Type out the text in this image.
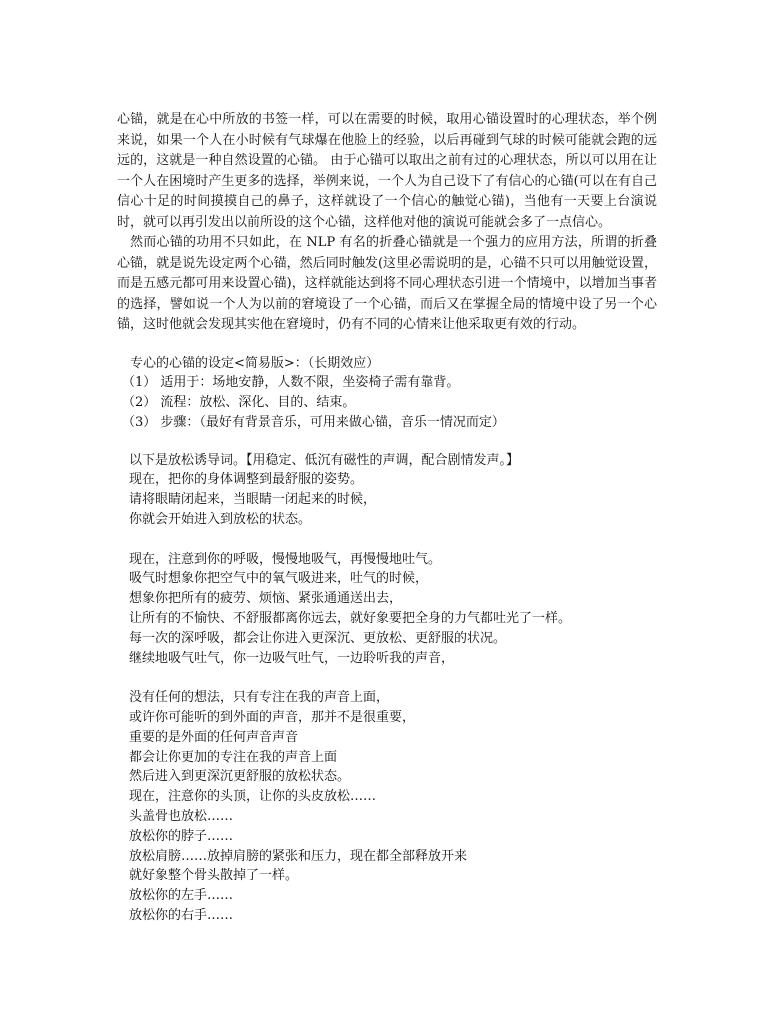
心锚，就是在心中所放的书签一样，可以在需要的时候，取用心锚设置时的心理状态，举个例来说，如果一个人在小时候有气球爆在他脸上的经验，以后再碰到气球的时候可能就会跑的远远的，这就是一种自然设置的心锚。 由于心锚可以取出之前有过的心理状态，所以可以用在让一个人在困境时产生更多的选择，举例来说，一个人为自己设下了有信心的心锚(可以在有自己信心十足的时间摸摸自己的鼻子，这样就设了一个信心的触觉心锚)，当他有一天要上台演说时，就可以再引发出以前所设的这个心锚，这样他对他的演说可能就会多了一点信心。

然而心锚的功用不只如此，在 NLP 有名的折叠心锚就是一个强力的应用方法，所谓的折叠心锚，就是说先设定两个心锚，然后同时触发(这里必需说明的是，心锚不只可以用触觉设置，而是五感元都可用来设置心锚)，这样就能达到将不同心理状态引进一个情境中，以增加当事者的选择，譬如说一个人为以前的窘境设了一个心锚，而后又在掌握全局的情境中设了另一个心锚，这时他就会发现其实他在窘境时，仍有不同的心情来让他采取更有效的行动。

专心的心锚的设定<简易版>：（长期效应）

（1） 适用于：场地安静，人数不限，坐姿椅子需有靠背。

（2） 流程：放松、深化、目的、结束。

（3） 步骤：（最好有背景音乐，可用来做心锚，音乐一情况而定）

以下是放松诱导词。【用稳定、低沉有磁性的声调，配合剧情发声。】

现在，把你的身体调整到最舒服的姿势。

请将眼睛闭起来，当眼睛一闭起来的时候，

你就会开始进入到放松的状态。

现在，注意到你的呼吸，慢慢地吸气，再慢慢地吐气。

吸气时想象你把空气中的氧气吸进来，吐气的时候，

想象你把所有的疲劳、烦恼、紧张通通送出去，

让所有的不愉快、不舒服都离你远去，就好象要把全身的力气都吐光了一样。

每一次的深呼吸，都会让你进入更深沉、更放松、更舒服的状况。

继续地吸气吐气，你一边吸气吐气，一边聆听我的声音，

没有任何的想法，只有专注在我的声音上面，

或许你可能听的到外面的声音，那并不是很重要，

重要的是外面的任何声音声音

都会让你更加的专注在我的声音上面

然后进入到更深沉更舒服的放松状态。

现在，注意你的头顶，让你的头皮放松……

头盖骨也放松……

放松你的脖子……

放松肩膀……放掉肩膀的紧张和压力，现在都全部释放开来

就好象整个骨头散掉了一样。

放松你的左手……

放松你的右手……
